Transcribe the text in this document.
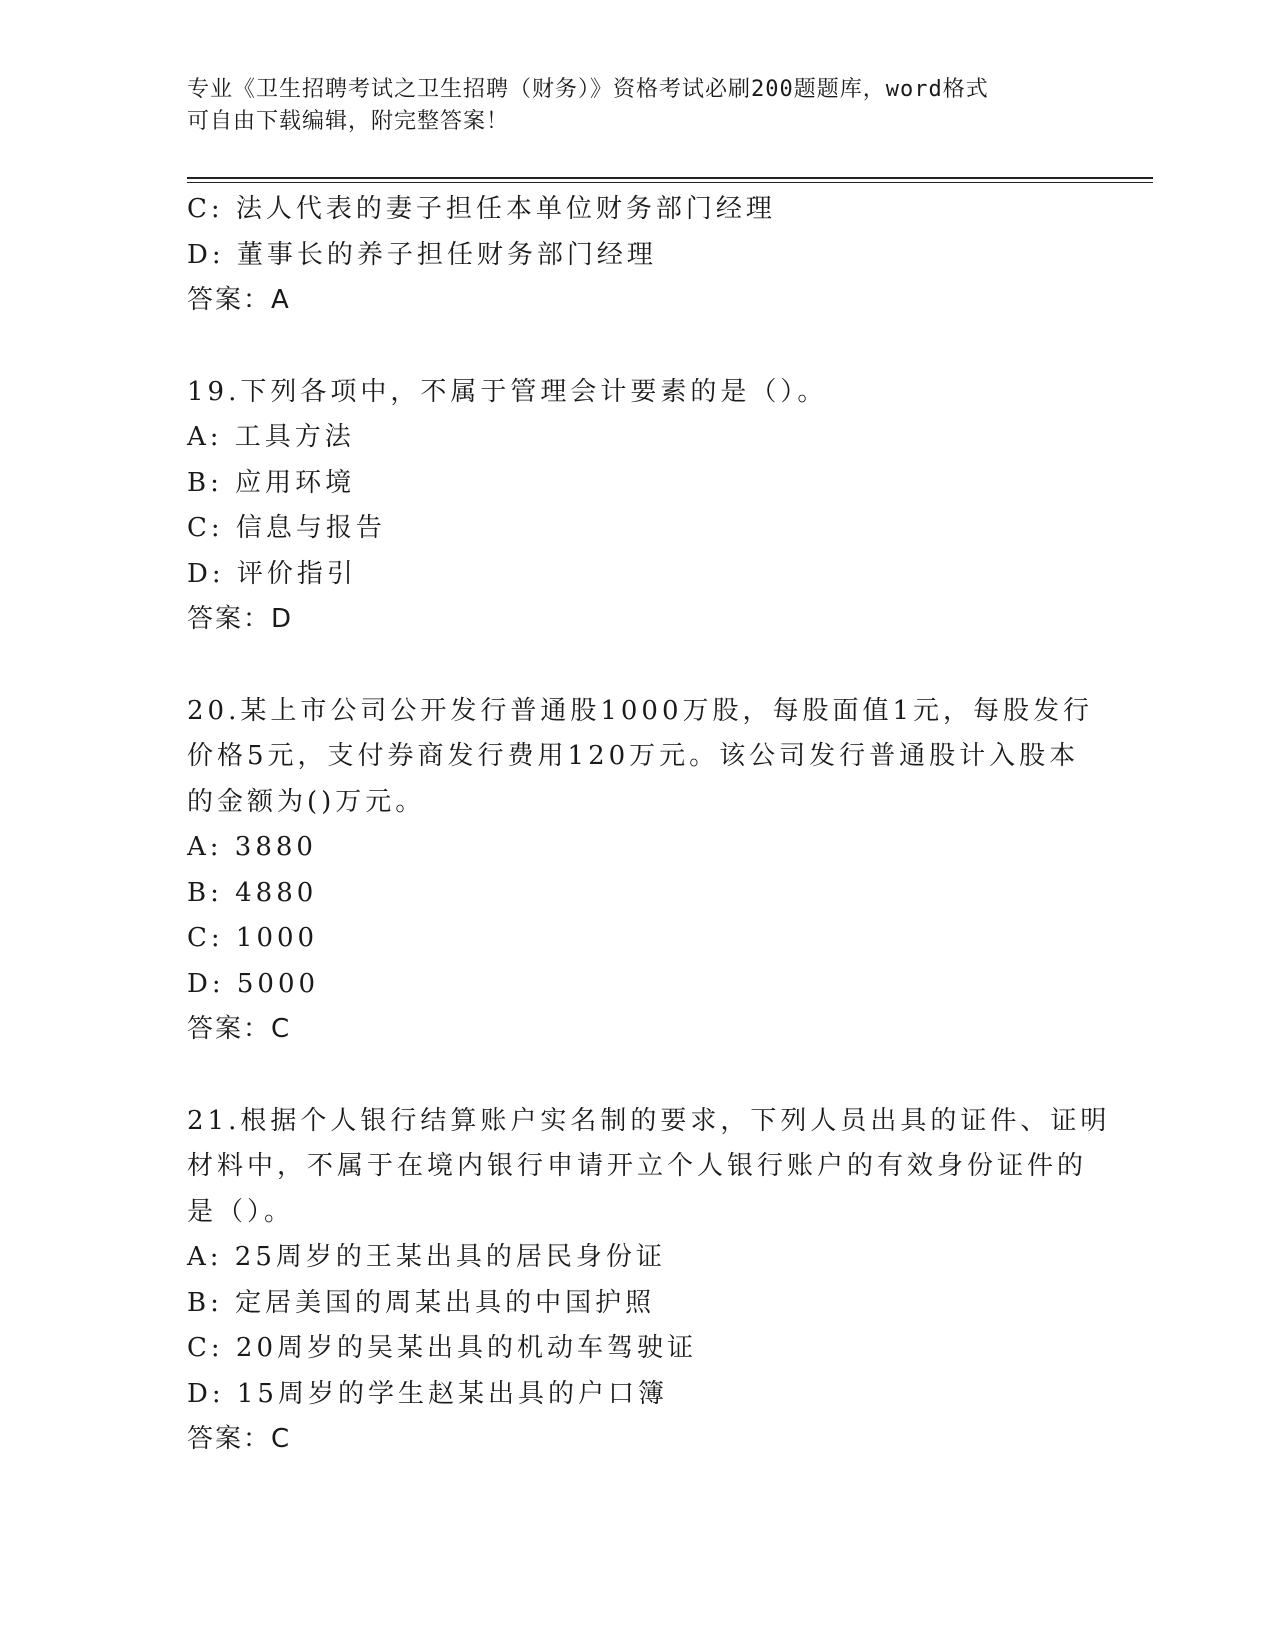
专业《卫生招聘考试之卫生招聘（财务）》资格考试必刷200题题库，word格式
可自由下载编辑，附完整答案！
C: 法人代表的妻子担任本单位财务部门经理
D: 董事长的养子担任财务部门经理
答案：A
19.下列各项中，不属于管理会计要素的是（）。
A: 工具方法
B: 应用环境
C: 信息与报告
D: 评价指引
答案：D
20.某上市公司公开发行普通股1000万股，每股面值1元，每股发行
价格5元，支付券商发行费用120万元。该公司发行普通股计入股本
的金额为()万元。
A: 3880
B: 4880
C: 1000
D: 5000
答案：C
21.根据个人银行结算账户实名制的要求，下列人员出具的证件、证明
材料中，不属于在境内银行申请开立个人银行账户的有效身份证件的
是（）。
A: 25周岁的王某出具的居民身份证
B: 定居美国的周某出具的中国护照
C: 20周岁的吴某出具的机动车驾驶证
D: 15周岁的学生赵某出具的户口簿
答案：C
